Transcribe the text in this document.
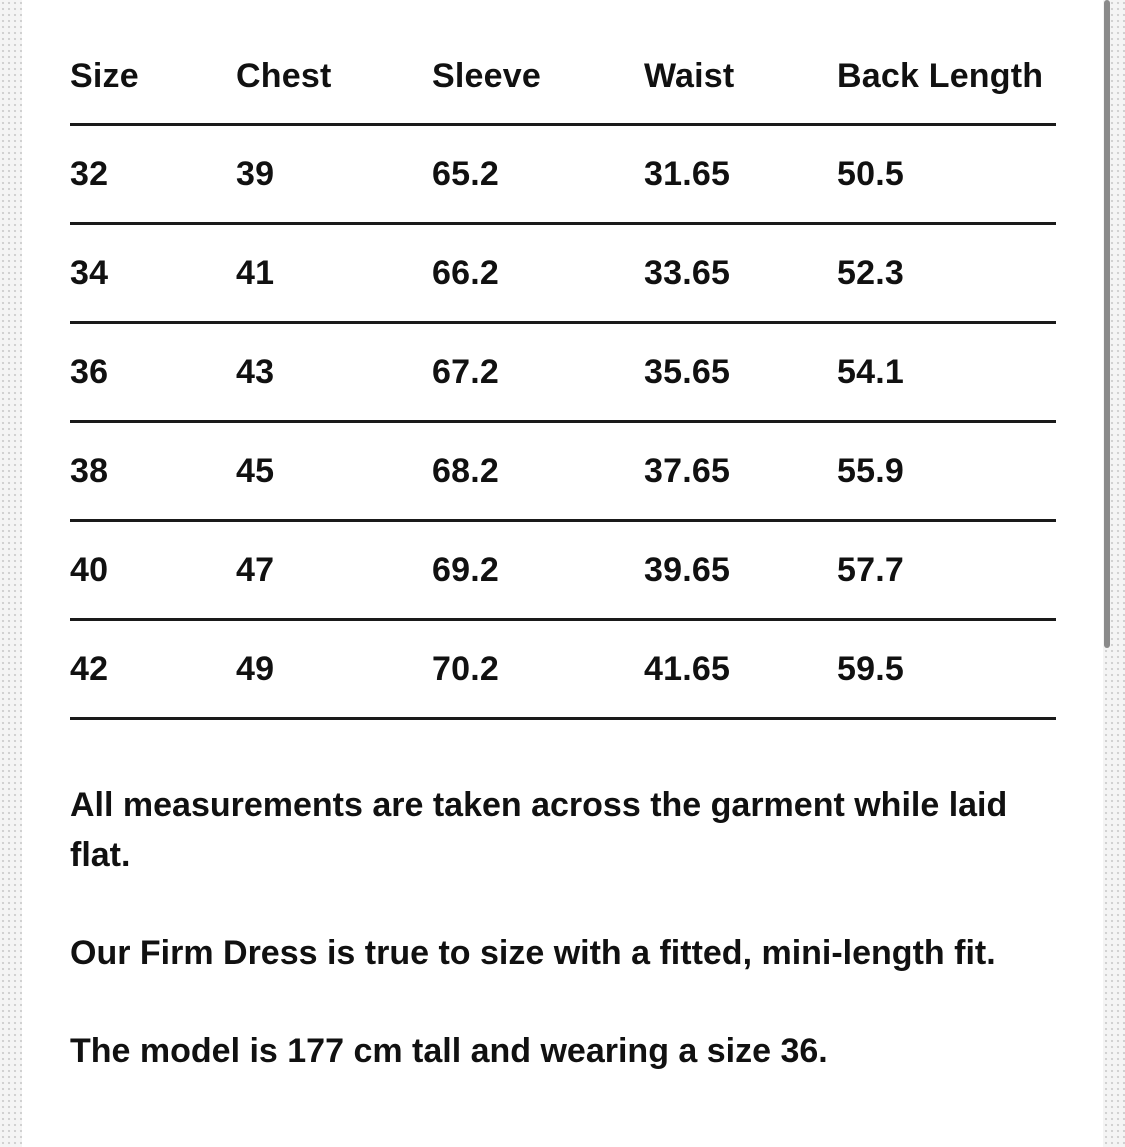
Size	Chest	Sleeve	Waist	Back Length
32	39	65.2	31.65	50.5
34	41	66.2	33.65	52.3
36	43	67.2	35.65	54.1
38	45	68.2	37.65	55.9
40	47	69.2	39.65	57.7
42	49	70.2	41.65	59.5

All measurements are taken across the garment while laid flat.

Our Firm Dress is true to size with a fitted, mini-length fit.

The model is 177 cm tall and wearing a size 36.
